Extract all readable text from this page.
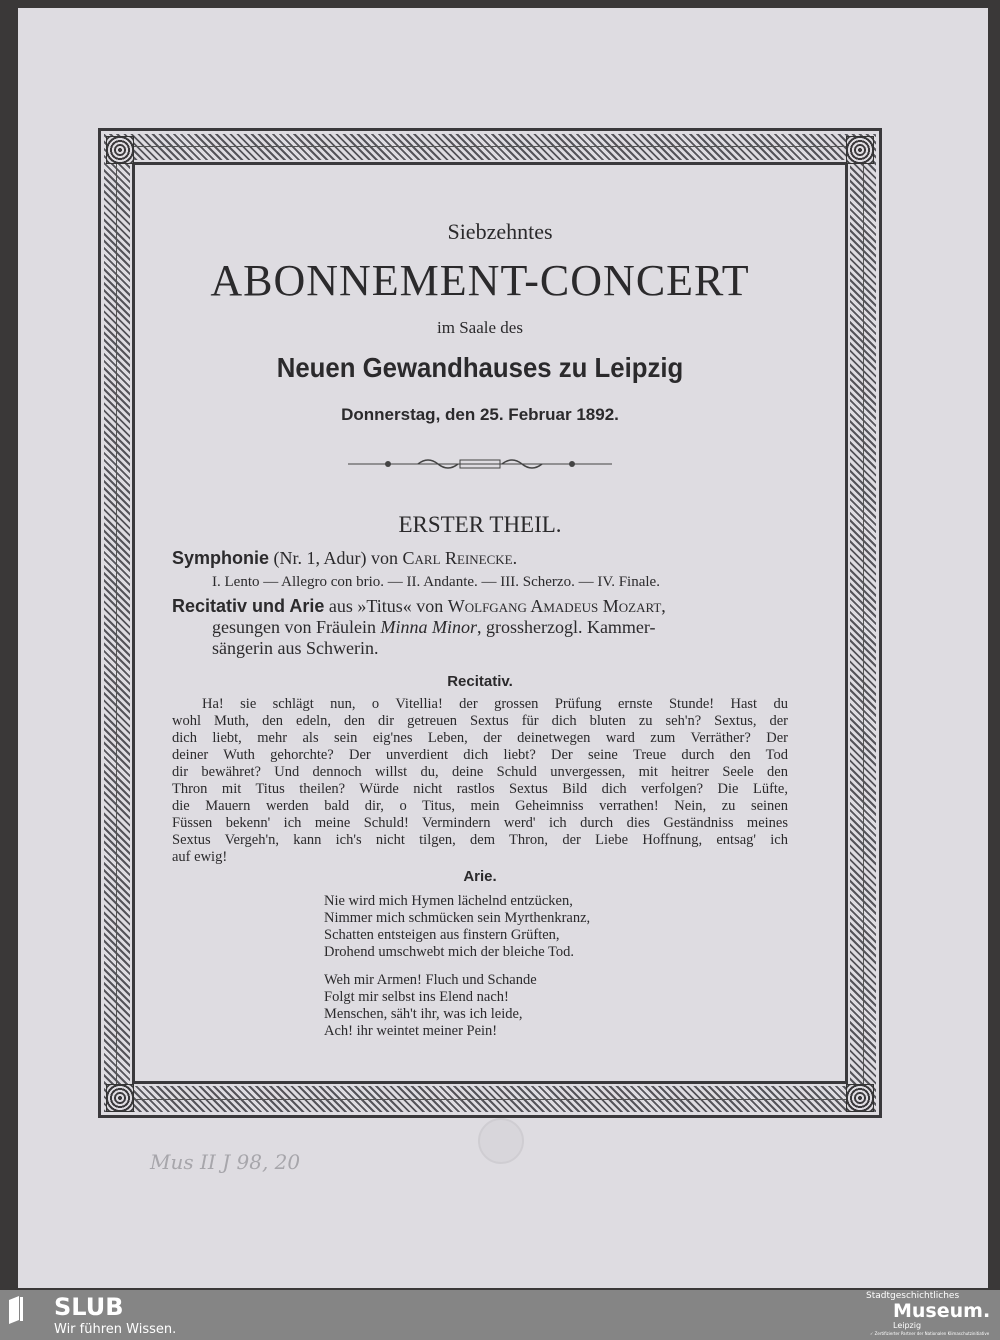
Siebzehntes
ABONNEMENT-CONCERT
im Saale des
Neuen Gewandhauses zu Leipzig
Donnerstag, den 25. Februar 1892.
ERSTER THEIL.
Symphonie (Nr. 1, Adur) von Carl Reinecke.
I. Lento — Allegro con brio. — II. Andante. — III. Scherzo. — IV. Finale.
Recitativ und Arie aus »Titus« von Wolfgang Amadeus Mozart,
gesungen von Fräulein Minna Minor, grossherzogl. Kammer-
sängerin aus Schwerin.
Recitativ.
Ha! sie schlägt nun, o Vitellia! der grossen Prüfung ernste Stunde! Hast du
wohl Muth, den edeln, den dir getreuen Sextus für dich bluten zu seh'n? Sextus, der
dich liebt, mehr als sein eig'nes Leben, der deinetwegen ward zum Verräther? Der
deiner Wuth gehorchte? Der unverdient dich liebt? Der seine Treue durch den Tod
dir bewähret? Und dennoch willst du, deine Schuld unvergessen, mit heitrer Seele den
Thron mit Titus theilen? Würde nicht rastlos Sextus Bild dich verfolgen? Die Lüfte,
die Mauern werden bald dir, o Titus, mein Geheimniss verrathen! Nein, zu seinen
Füssen bekenn' ich meine Schuld! Vermindern werd' ich durch dies Geständniss meines
Sextus Vergeh'n, kann ich's nicht tilgen, dem Thron, der Liebe Hoffnung, entsag' ich
auf ewig!
Arie.
Nie wird mich Hymen lächelnd entzücken,
Nimmer mich schmücken sein Myrthenkranz,
Schatten entsteigen aus finstern Grüften,
Drohend umschwebt mich der bleiche Tod.
Weh mir Armen! Fluch und Schande
Folgt mir selbst ins Elend nach!
Menschen, säh't ihr, was ich leide,
Ach! ihr weintet meiner Pein!
Mus II J 98, 20
SLUB
Wir führen Wissen.
Stadtgeschichtliches
Museum.
Leipzig
✓ Zertifizierter Partner der Nationalen Klimaschutzinitiative
